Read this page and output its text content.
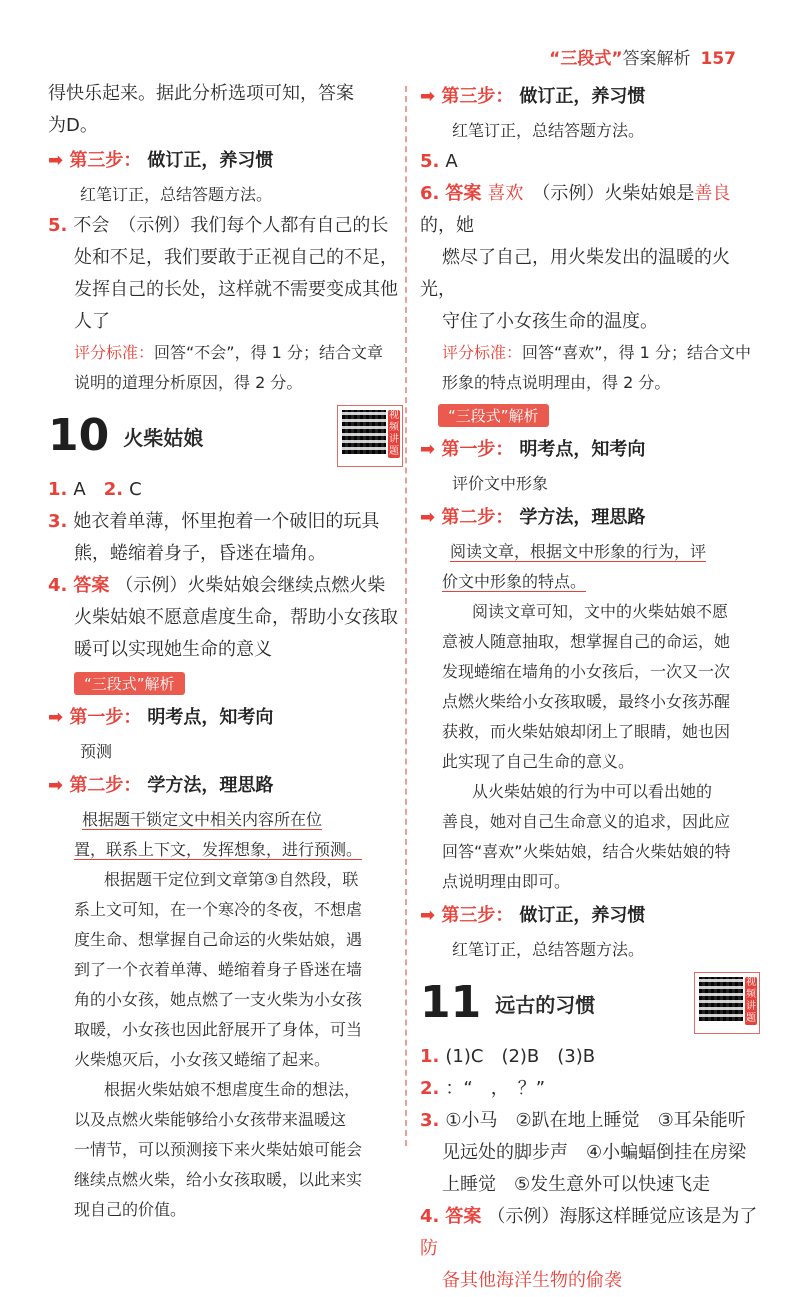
“三段式”答案解析 157

得快乐起来。据此分析选项可知，答案
为D。

➡ 第三步： 做订正，养习惯

红笔订正，总结答题方法。

5. 不会　 （示例）我们每个人都有自己的长
处和不足，我们要敢于正视自己的不足，
发挥自己的长处，这样就不需要变成其他
人了

评分标准：回答“不会”，得 1 分；结合文章
说明的道理分析原因，得 2 分。

10 火柴姑娘
视频讲题

1. A　 2. C

3. 她衣着单薄，怀里抱着一个破旧的玩具
熊，蜷缩着身子，昏迷在墙角。

4. 答案 （示例）火柴姑娘会继续点燃火柴
火柴姑娘不愿意虐度生命，帮助小女孩取
暖可以实现她生命的意义

“三段式”解析
➡ 第一步： 明考点，知考向

预测

➡ 第二步： 学方法，理思路

根据题干锁定文中相关内容所在位
置，联系上下文，发挥想象，进行预测。

根据题干定位到文章第③自然段，联
系上文可知，在一个寒冷的冬夜，不想虐
度生命、想掌握自己命运的火柴姑娘，遇
到了一个衣着单薄、蜷缩着身子昏迷在墙
角的小女孩，她点燃了一支火柴为小女孩
取暖，小女孩也因此舒展开了身体，可当
火柴熄灭后，小女孩又蜷缩了起来。

根据火柴姑娘不想虐度生命的想法，
以及点燃火柴能够给小女孩带来温暖这
一情节，可以预测接下来火柴姑娘可能会
继续点燃火柴，给小女孩取暖，以此来实
现自己的价值。

➡ 第三步： 做订正，养习惯

红笔订正，总结答题方法。

5. A

6. 答案 喜欢　 （示例）火柴姑娘是善良的，她
燃尽了自己，用火柴发出的温暖的火光，
守住了小女孩生命的温度。

评分标准：回答“喜欢”，得 1 分；结合文中
形象的特点说明理由，得 2 分。

“三段式”解析
➡ 第一步： 明考点，知考向

评价文中形象

➡ 第二步： 学方法，理思路

阅读文章，根据文中形象的行为，评
价文中形象的特点。

阅读文章可知，文中的火柴姑娘不愿
意被人随意抽取，想掌握自己的命运，她
发现蜷缩在墙角的小女孩后，一次又一次
点燃火柴给小女孩取暖，最终小女孩苏醒
获救，而火柴姑娘却闭上了眼睛，她也因
此实现了自己生命的意义。

从火柴姑娘的行为中可以看出她的
善良，她对自己生命意义的追求，因此应
回答“喜欢”火柴姑娘，结合火柴姑娘的特
点说明理由即可。

➡ 第三步： 做订正，养习惯

红笔订正，总结答题方法。

11 远古的习惯
视频讲题

1. (1)C　(2)B　(3)B

2. ：“　，　？”

3. ①小马　②趴在地上睡觉　③耳朵能听
见远处的脚步声　④小蝙蝠倒挂在房梁
上睡觉　⑤发生意外可以快速飞走

4. 答案 （示例）海豚这样睡觉应该是为了防
备其他海洋生物的偷袭
